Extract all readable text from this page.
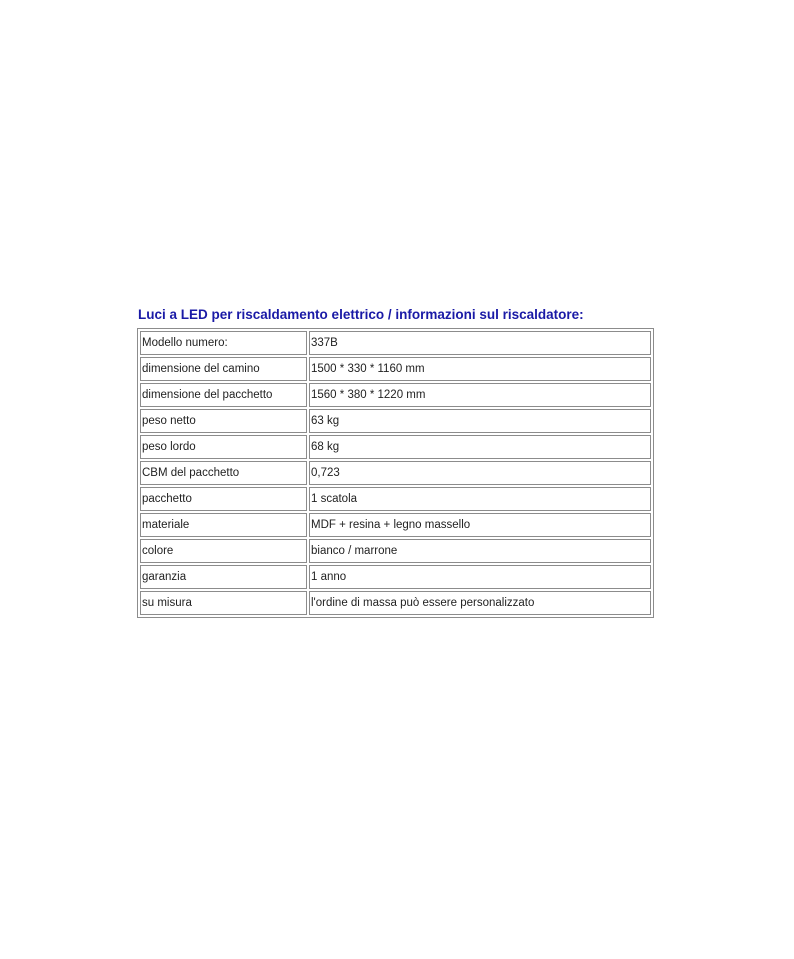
Luci a LED per riscaldamento elettrico / informazioni sul riscaldatore:
Modello numero:	337B
dimensione del camino	1500 * 330 * 1160 mm
dimensione del pacchetto	1560 * 380 * 1220 mm
peso netto	63 kg
peso lordo	68 kg
CBM del pacchetto	0,723
pacchetto	1 scatola
materiale	MDF + resina + legno massello
colore	bianco / marrone
garanzia	1 anno
su misura	l'ordine di massa può essere personalizzato
